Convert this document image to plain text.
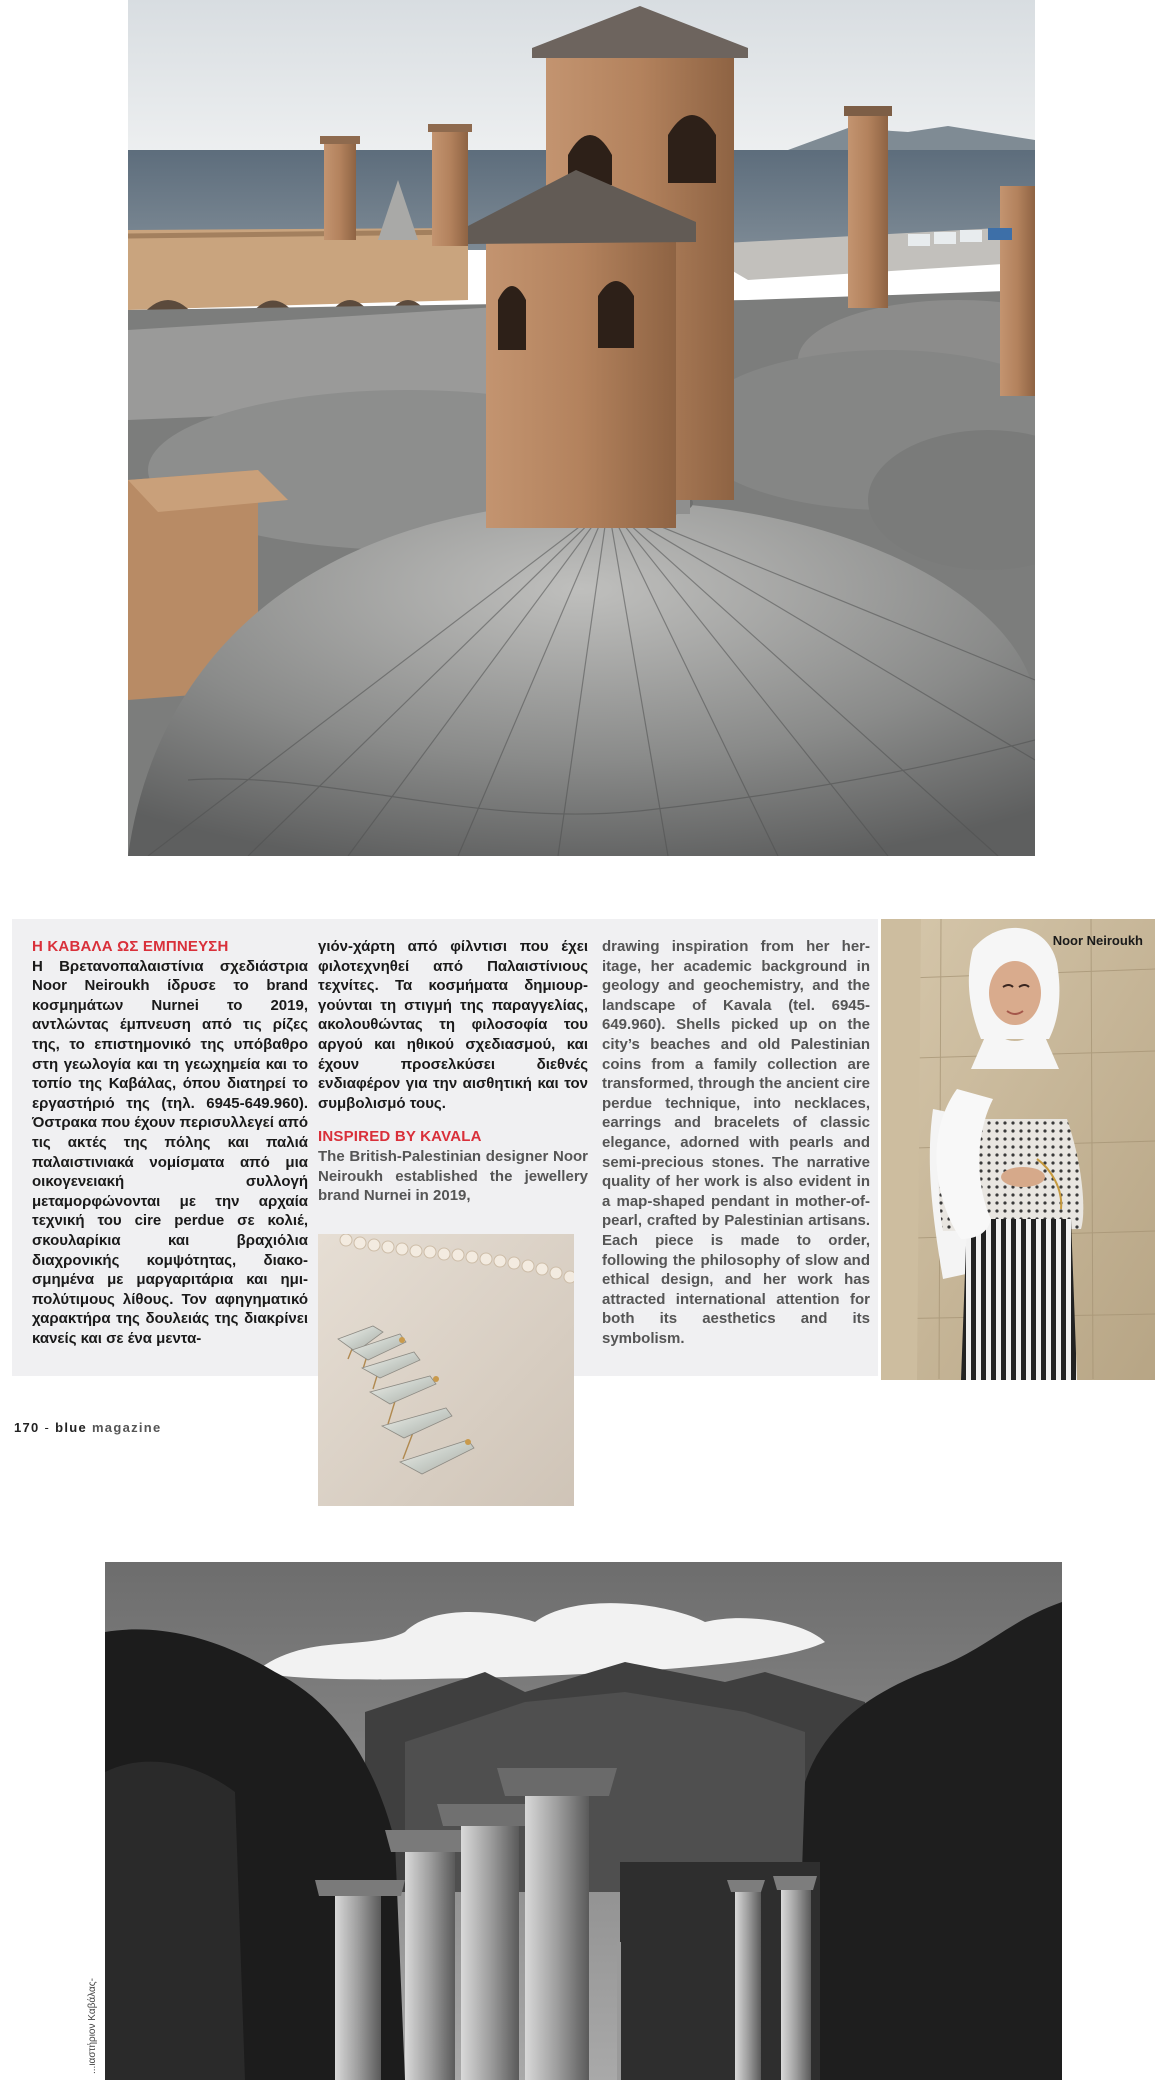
Η ΚΑΒΑΛΑ ΩΣ ΕΜΠΝΕΥΣΗ

Η Βρετανοπαλαιστίνια σχεδιάστρια Noor Neiroukh ίδρυσε το brand κοσμημάτων Nurnei το 2019, αντλώντας έμπνευση από τις ρίζες της, το επιστημονικό της υπόβαθρο στη γεωλογία και τη γεωχημεία και το τοπίο της Καβάλας, όπου διατηρεί το εργαστήριό της (τηλ. 6945-649.960). Όστρακα που έχουν περισυλλεγεί από τις ακτές της πόλης και παλιά παλαιστινιακά νομίσματα από μια οικογενειακή συλλογή μεταμορφώνονται με την αρχαία τεχνική του cire perdue σε κολιέ, σκουλαρίκια και βραχιόλια διαχρονικής κομψότητας, διακοσμημένα με μαργαριτάρια και ημιπολύτιμους λίθους. Τον αφηγηματικό χαρακτήρα της δουλειάς της διακρίνει κανείς και σε ένα μεντα-

γιόν-χάρτη από φίλντισι που έχει φιλοτεχνηθεί από Παλαιστίνιους τεχνίτες. Τα κοσμήματα δημιουργούνται τη στιγμή της παραγγελίας, ακολουθώντας τη φιλοσοφία του αργού και ηθικού σχεδιασμού, και έχουν προσελκύσει διεθνές ενδιαφέρον για την αισθητική και τον συμβολισμό τους.

INSPIRED BY KAVALA

The British-Palestinian designer Noor Neiroukh established the jewellery brand Nurnei in 2019,

drawing inspiration from her heritage, her academic background in geology and geochemistry, and the landscape of Kavala (tel. 6945-649.960). Shells picked up on the city’s beaches and old Palestinian coins from a family collection are transformed, through the ancient cire perdue technique, into necklaces, earrings and bracelets of classic elegance, adorned with pearls and semi-precious stones. The narrative quality of her work is also evident in a map-shaped pendant in mother-of-pearl, crafted by Palestinian artisans. Each piece is made to order, following the philosophy of slow and ethical design, and her work has attracted international attention for both its aesthetics and its symbolism.

Noor Neiroukh
170 - blue magazine
...ιαστήριον Καβάλας-
